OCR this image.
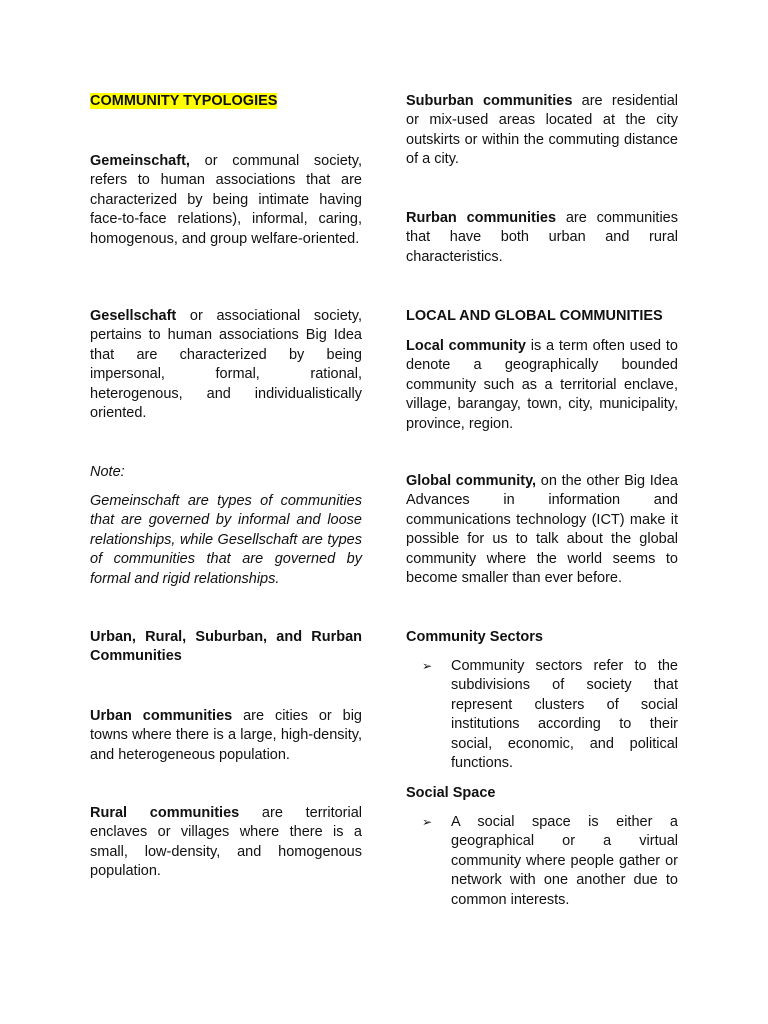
COMMUNITY TYPOLOGIES

Gemeinschaft, or communal society, refers to human associations that are characterized by being intimate having face-to-face relations), informal, caring, homogenous, and group welfare-oriented.

Gesellschaft or associational society, pertains to human associations Big Idea that are characterized by being impersonal, formal, rational, heterogenous, and individualistically oriented.

Note:

Gemeinschaft are types of communities that are governed by informal and loose relationships, while Gesellschaft are types of communities that are governed by formal and rigid relationships.

Urban, Rural, Suburban, and Rurban Communities

Urban communities are cities or big towns where there is a large, high-density, and heterogeneous population.

Rural communities are territorial enclaves or villages where there is a small, low-density, and homogenous population.

Suburban communities are residential or mix-used areas located at the city outskirts or within the commuting distance of a city.

Rurban communities are communities that have both urban and rural characteristics.

LOCAL AND GLOBAL COMMUNITIES

Local community is a term often used to denote a geographically bounded community such as a territorial enclave, village, barangay, town, city, municipality, province, region.

Global community, on the other Big Idea Advances in information and communications technology (ICT) make it possible for us to talk about the global community where the world seems to become smaller than ever before.

Community Sectors

➢ Community sectors refer to the subdivisions of society that represent clusters of social institutions according to their social, economic, and political functions.

Social Space

➢ A social space is either a geographical or a virtual community where people gather or network with one another due to common interests.
